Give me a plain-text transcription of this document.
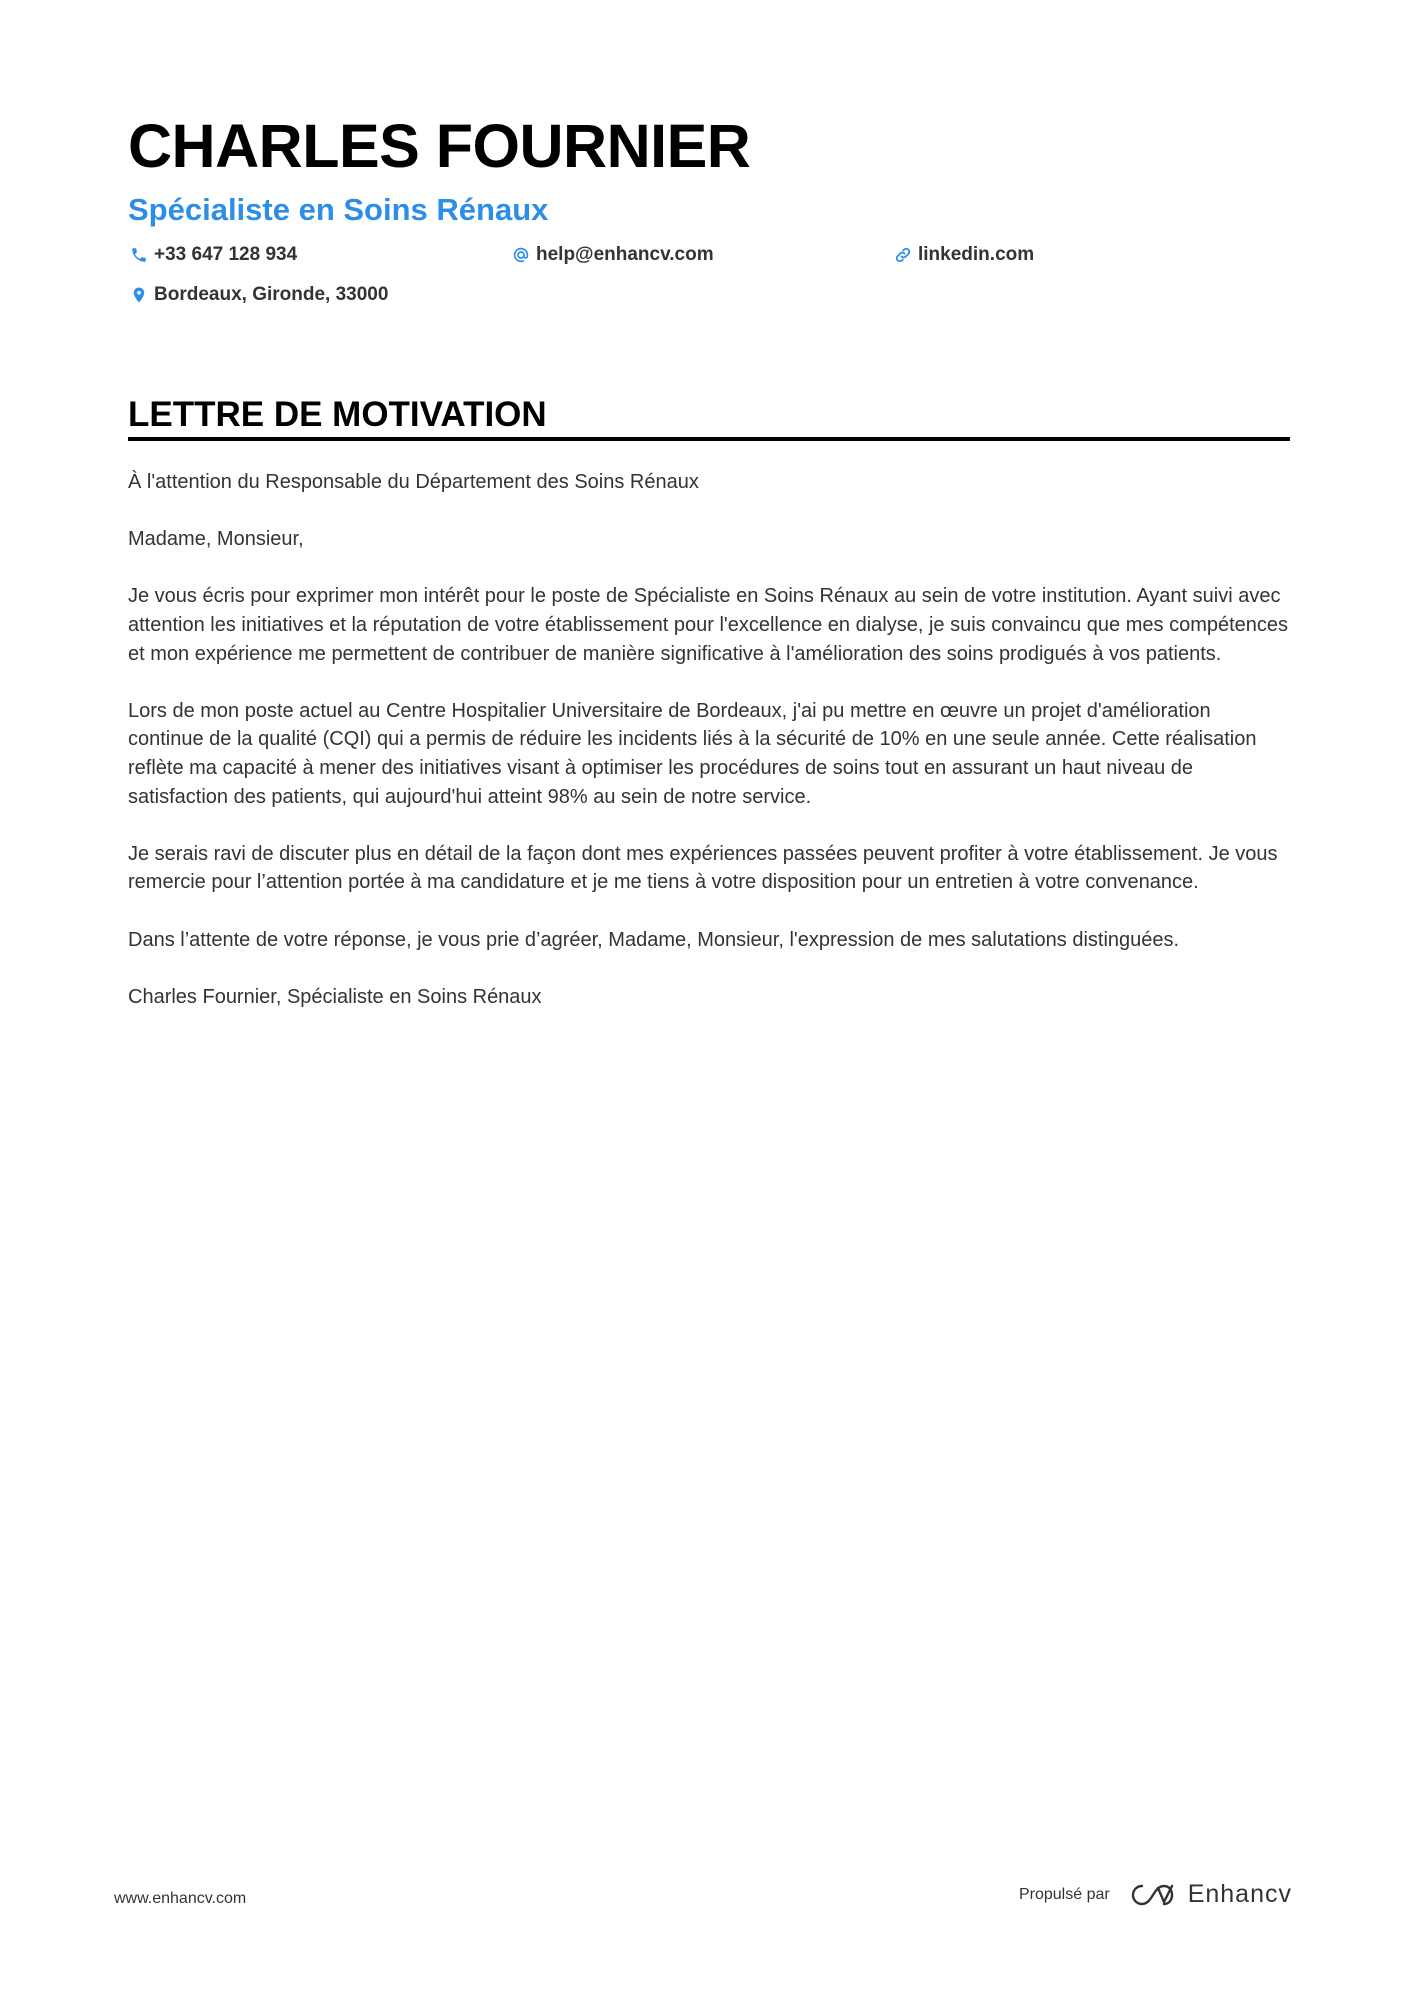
CHARLES FOURNIER
Spécialiste en Soins Rénaux
+33 647 128 934	help@enhancv.com	linkedin.com
Bordeaux, Gironde, 33000
LETTRE DE MOTIVATION

À l'attention du Responsable du Département des Soins Rénaux

Madame, Monsieur,

Je vous écris pour exprimer mon intérêt pour le poste de Spécialiste en Soins Rénaux au sein de votre institution. Ayant suivi avec attention les initiatives et la réputation de votre établissement pour l'excellence en dialyse, je suis convaincu que mes compétences et mon expérience me permettent de contribuer de manière significative à l'amélioration des soins prodigués à vos patients.

Lors de mon poste actuel au Centre Hospitalier Universitaire de Bordeaux, j'ai pu mettre en œuvre un projet d'amélioration continue de la qualité (CQI) qui a permis de réduire les incidents liés à la sécurité de 10% en une seule année. Cette réalisation reflète ma capacité à mener des initiatives visant à optimiser les procédures de soins tout en assurant un haut niveau de satisfaction des patients, qui aujourd'hui atteint 98% au sein de notre service.

Je serais ravi de discuter plus en détail de la façon dont mes expériences passées peuvent profiter à votre établissement. Je vous remercie pour l’attention portée à ma candidature et je me tiens à votre disposition pour un entretien à votre convenance.

Dans l’attente de votre réponse, je vous prie d’agréer, Madame, Monsieur, l'expression de mes salutations distinguées.

Charles Fournier, Spécialiste en Soins Rénaux

www.enhancv.com	Propulsé par	Enhancv
